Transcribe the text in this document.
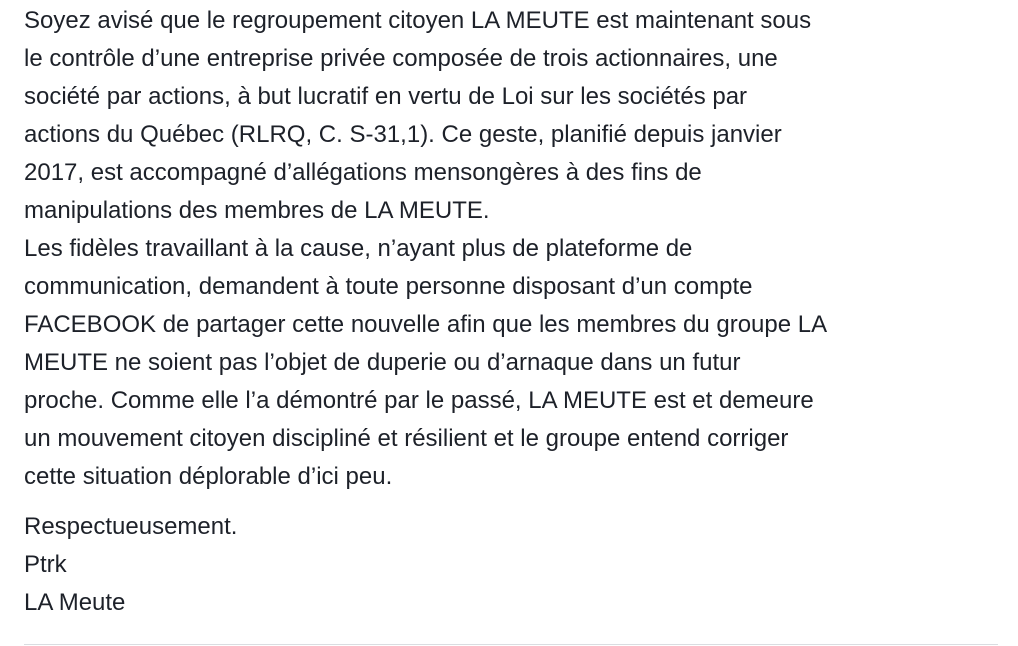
Soyez avisé que le regroupement citoyen LA MEUTE est maintenant sous
le contrôle d’une entreprise privée composée de trois actionnaires, une
société par actions, à but lucratif en vertu de Loi sur les sociétés par
actions du Québec (RLRQ, C. S-31,1). Ce geste, planifié depuis janvier
2017, est accompagné d’allégations mensongères à des fins de
manipulations des membres de LA MEUTE.

Les fidèles travaillant à la cause, n’ayant plus de plateforme de
communication, demandent à toute personne disposant d’un compte
FACEBOOK de partager cette nouvelle afin que les membres du groupe LA
MEUTE ne soient pas l’objet de duperie ou d’arnaque dans un futur
proche. Comme elle l’a démontré par le passé, LA MEUTE est et demeure
un mouvement citoyen discipliné et résilient et le groupe entend corriger
cette situation déplorable d’ici peu.

Respectueusement.
Ptrk
LA Meute
